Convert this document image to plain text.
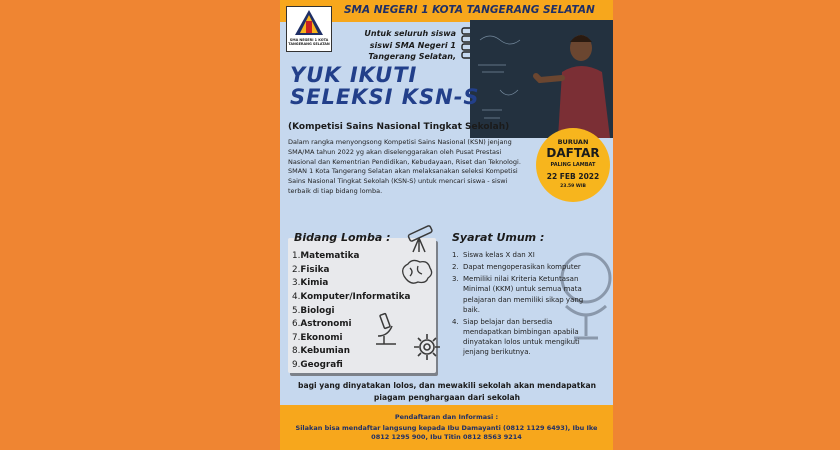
SMA NEGERI 1 KOTA TANGERANG SELATAN
SMA NEGERI 1 KOTA TANGERANG SELATAN
Untuk seluruh siswa siswi SMA Negeri 1 Tangerang Selatan,
YUK IKUTI
SELEKSI KSN-S
(Kompetisi Sains Nasional Tingkat Sekolah)
Dalam rangka menyongsong Kompetisi Sains Nasional (KSN) jenjang SMA/MA tahun 2022 yg akan diselenggarakan oleh Pusat Prestasi Nasional dan Kementrian Pendidikan, Kebudayaan, Riset dan Teknologi. SMAN 1 Kota Tangerang Selatan akan melaksanakan seleksi Kompetisi Sains Nasional Tingkat Sekolah (KSN-S) untuk mencari siswa - siswi terbaik di tiap bidang lomba.
BURUAN
DAFTAR
PALING LAMBAT
22 FEB 2022
23.59 WIB
Bidang Lomba :
1.Matematika
2.Fisika
3.Kimia
4.Komputer/Informatika
5.Biologi
6.Astronomi
7.Ekonomi
8.Kebumian
9.Geografi
Syarat Umum :
1. Siswa kelas X dan XI
2. Dapat mengoperasikan komputer
3. Memiliki nilai Kriteria Ketuntasan Minimal (KKM) untuk semua mata pelajaran dan memiliki sikap yang baik.
4. Siap belajar dan bersedia mendapatkan bimbingan apabila dinyatakan lolos untuk mengikuti jenjang berikutnya.
bagi yang dinyatakan lolos, dan mewakili sekolah akan mendapatkan piagam penghargaan dari sekolah
Pendaftaran dan Informasi :
Silakan bisa mendaftar langsung kepada Ibu Damayanti (0812 1129 6493), Ibu Ike 0812 1295 900, Ibu Titin 0812 8563 9214
